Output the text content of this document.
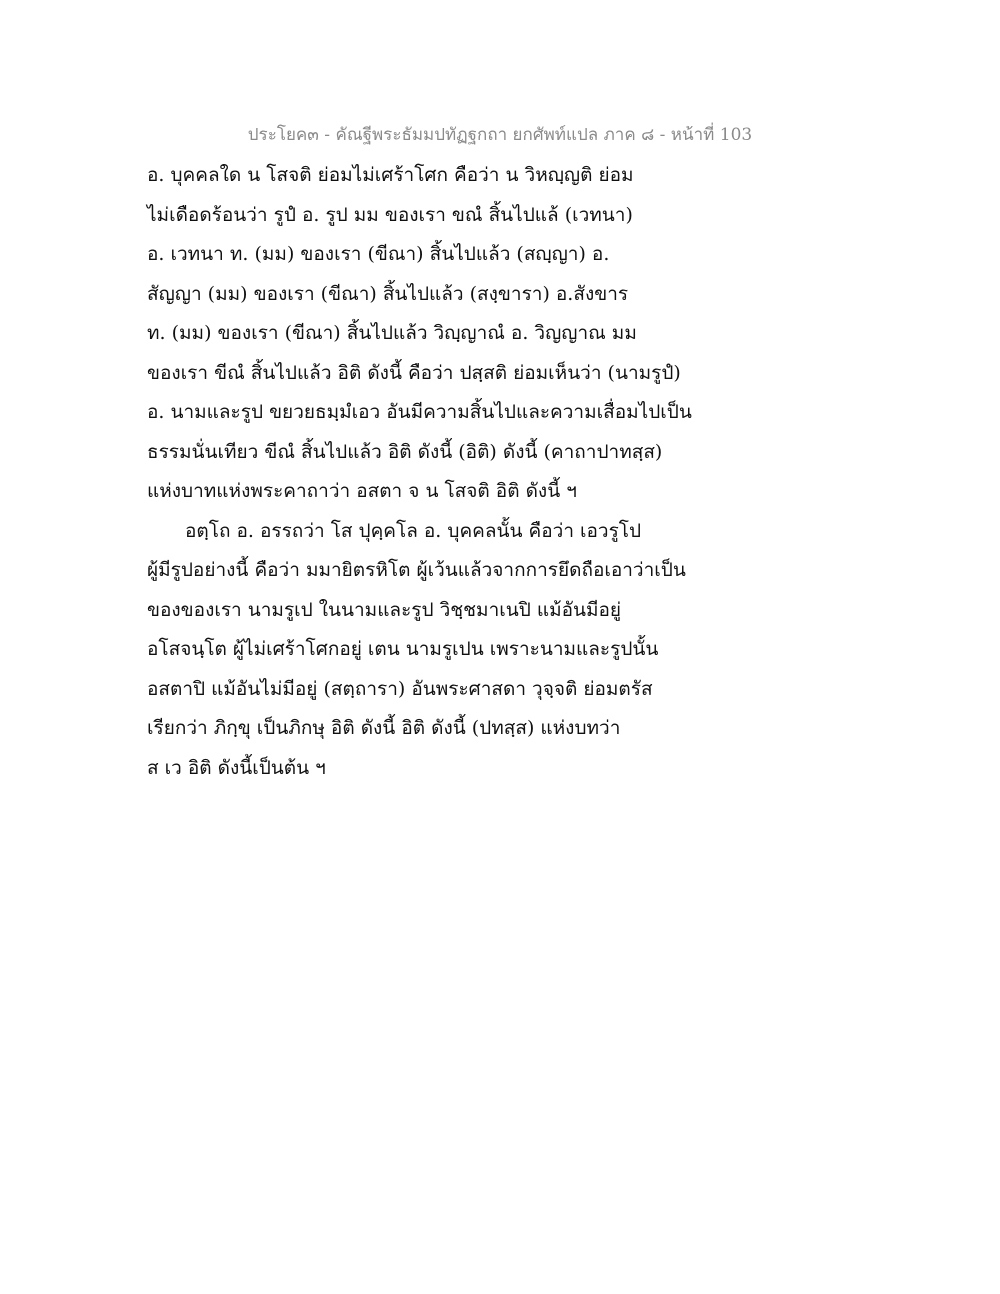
ประโยค๓ - คัณฐีพระธัมมปทัฏฐกถา ยกศัพท์แปล ภาค ๘ - หน้าที่ 103
อ. บุคคลใด น โสจติ ย่อมไม่เศร้าโศก คือว่า น วิหญฺญติ ย่อม
ไม่เดือดร้อนว่า รูปํ อ. รูป มม ของเรา ขณํ สิ้นไปแล้ (เวทนา)
อ. เวทนา ท. (มม) ของเรา (ขีณา) สิ้นไปแล้ว (สญฺญา) อ.
สัญญา (มม) ของเรา (ขีณา) สิ้นไปแล้ว (สงฺขารา) อ.สังขาร
ท. (มม) ของเรา (ขีณา) สิ้นไปแล้ว วิญฺญาณํ อ. วิญญาณ มม
ของเรา ขีณํ สิ้นไปแล้ว อิติ ดังนี้ คือว่า ปสฺสติ ย่อมเห็นว่า (นามรูปํ)
อ. นามและรูป ขยวยธมฺมํเอว อันมีความสิ้นไปและความเสื่อมไปเป็น
ธรรมนั่นเทียว ขีณํ สิ้นไปแล้ว อิติ ดังนี้ (อิติ) ดังนี้ (คาถาปาทสฺส)
แห่งบาทแห่งพระคาถาว่า อสตา จ น โสจติ อิติ ดังนี้ ฯ
อตฺโถ อ. อรรถว่า โส ปุคฺคโล อ. บุคคลนั้น คือว่า เอวรูโป
ผู้มีรูปอย่างนี้ คือว่า มมายิตรหิโต ผู้เว้นแล้วจากการยึดถือเอาว่าเป็น
ของของเรา นามรูเป ในนามและรูป วิชฺชมาเนปิ แม้อันมีอยู่
อโสจนฺโต ผู้ไม่เศร้าโศกอยู่ เตน นามรูเปน เพราะนามและรูปนั้น
อสตาปิ แม้อันไม่มีอยู่ (สตฺถารา) อันพระศาสดา วุจฺจติ ย่อมตรัส
เรียกว่า ภิกฺขุ เป็นภิกษุ อิติ ดังนี้ อิติ ดังนี้ (ปทสฺส) แห่งบทว่า
ส เว อิติ ดังนี้เป็นต้น ฯ
